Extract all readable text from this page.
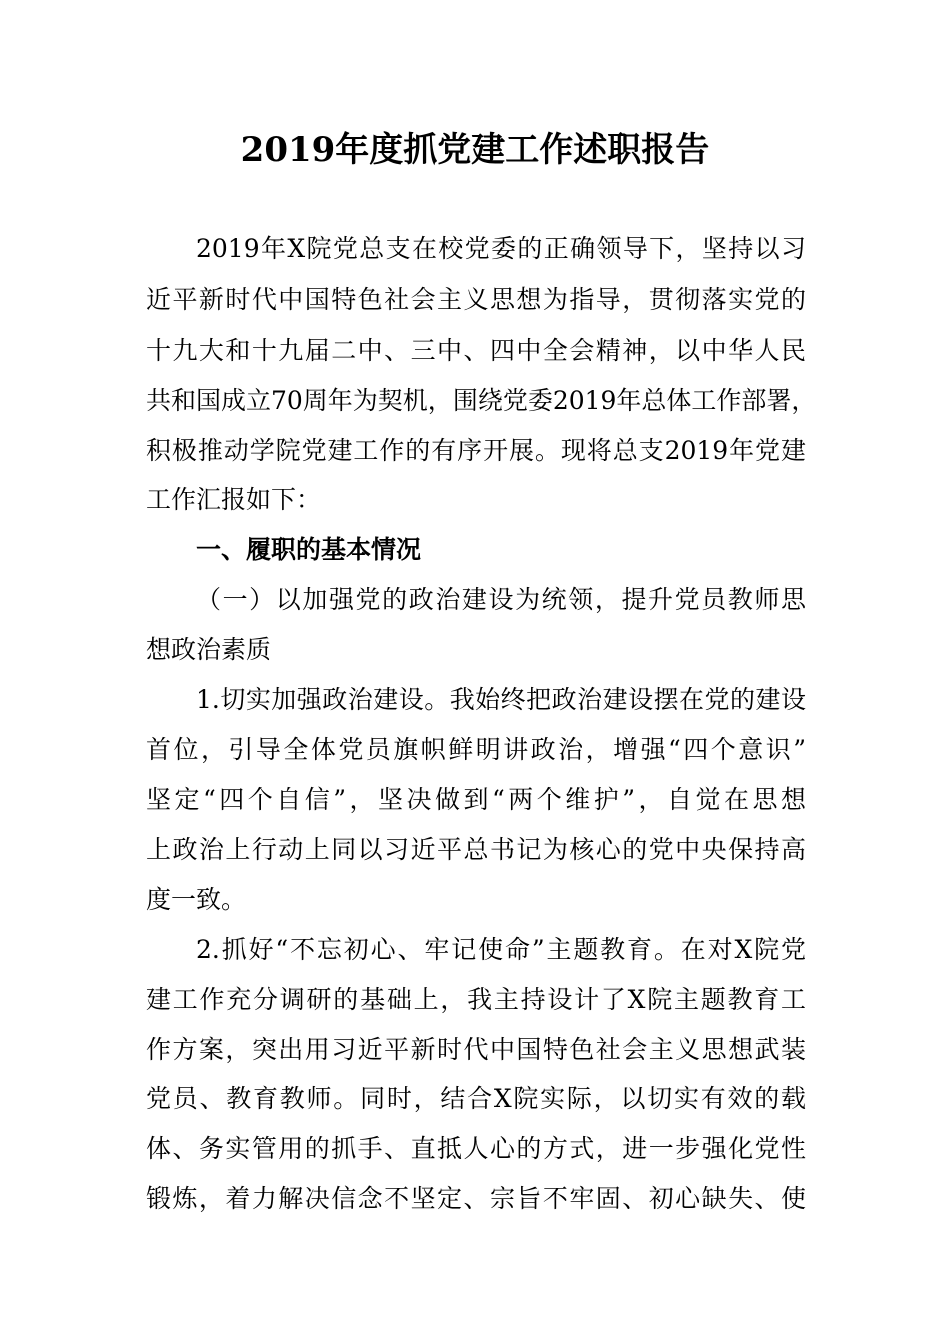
2019年度抓党建工作述职报告
2019年X院党总支在校党委的正确领导下，坚持以习
近平新时代中国特色社会主义思想为指导，贯彻落实党的
十九大和十九届二中、三中、四中全会精神，以中华人民
共和国成立70周年为契机，围绕党委2019年总体工作部署，
积极推动学院党建工作的有序开展。现将总支2019年党建
工作汇报如下：
一、履职的基本情况
（一）以加强党的政治建设为统领，提升党员教师思
想政治素质
1.切实加强政治建设。我始终把政治建设摆在党的建设
首位，引导全体党员旗帜鲜明讲政治，增强“四个意识”
坚定“四个自信”，坚决做到“两个维护”，自觉在思想
上政治上行动上同以习近平总书记为核心的党中央保持高
度一致。
2.抓好“不忘初心、牢记使命”主题教育。在对X院党
建工作充分调研的基础上，我主持设计了X院主题教育工
作方案，突出用习近平新时代中国特色社会主义思想武装
党员、教育教师。同时，结合X院实际，以切实有效的载
体、务实管用的抓手、直抵人心的方式，进一步强化党性
锻炼，着力解决信念不坚定、宗旨不牢固、初心缺失、使
